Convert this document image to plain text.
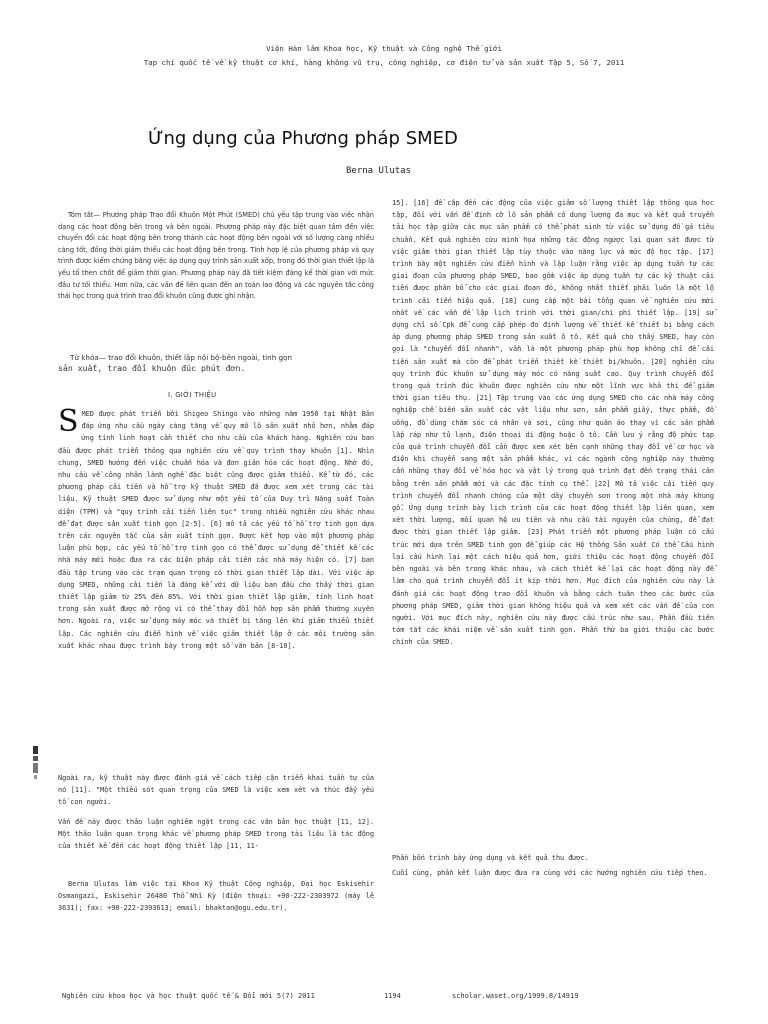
Viện Hàn lâm Khoa học, Kỹ thuật và Công nghệ Thế giới
Tạp chí quốc tế về kỹ thuật cơ khí, hàng không vũ trụ, công nghiệp, cơ điện tử và sản xuất Tập 5, Số 7, 2011
Ứng dụng của Phương pháp SMED
Berna Ulutas
Tóm tắt— Phương pháp Trao đổi Khuôn Một Phút (SMED) chủ yếu tập trung vào việc nhận dạng các hoạt động bên trong và bên ngoài. Phương pháp này đặc biệt quan tâm đến việc chuyển đổi các hoạt động bên trong thành các hoạt động bên ngoài với số lượng càng nhiều càng tốt, đồng thời giảm thiểu các hoạt động bên trong. Tính hợp lệ của phương pháp và quy trình được kiểm chứng bằng việc áp dụng quy trình sản xuất xốp, trong đó thời gian thiết lập là yếu tố then chốt để giảm thời gian. Phương pháp này đã tiết kiệm đáng kể thời gian với mức đầu tư tối thiểu. Hơn nữa, các vấn đề liên quan đến an toàn lao động và các nguyên tắc công thái học trong quá trình trao đổi khuôn cũng được ghi nhận.
Từ khóa— trao đổi khuôn, thiết lập nội bộ-bên ngoài, tinh gọn
sản xuất, trao đổi khuôn đúc phút đơn.
I. GIỚI THIỆU
SMED được phát triển bởi Shigeo Shingo vào những năm 1950 tại Nhật Bản đáp ứng nhu cầu ngày càng tăng về quy mô lô sản xuất nhỏ hơn, nhằm đáp ứng tính linh hoạt cần thiết cho nhu cầu của khách hàng. Nghiên cứu ban đầu được phát triển thông qua nghiên cứu về quy trình thay khuôn [1]. Nhìn chung, SMED hướng đến việc chuẩn hóa và đơn giản hóa các hoạt động. Nhờ đó, nhu cầu về công nhân lành nghề đặc biệt cũng được giảm thiểu. Kể từ đó, các phương pháp cải tiến và hỗ trợ kỹ thuật SMED đã được xem xét trong các tài liệu. Kỹ thuật SMED được sử dụng như một yếu tố của Duy trì Năng suất Toàn diện (TPM) và "quy trình cải tiến liên tục" trong nhiều nghiên cứu khác nhau để đạt được sản xuất tinh gọn [2-5]. [6] mô tả các yếu tố hỗ trợ tinh gọn dựa trên các nguyên tắc của sản xuất tinh gọn. Được kết hợp vào một phương pháp luận phù hợp, các yếu tố hỗ trợ tinh gọn có thể được sử dụng để thiết kế các nhà máy mới hoặc đưa ra các biện pháp cải tiến các nhà máy hiện có. [7] ban đầu tập trung vào các trạm quan trọng có thời gian thiết lập dài. Với việc áp dụng SMED, những cải tiến là đáng kể với dữ liệu ban đầu cho thấy thời gian thiết lập giảm từ 25% đến 85%. Với thời gian thiết lập giảm, tính linh hoạt trong sản xuất được mở rộng vì có thể thay đổi hỗn hợp sản phẩm thường xuyên hơn. Ngoài ra, việc sử dụng máy móc và thiết bị tăng lên khi giảm thiểu thiết lập. Các nghiên cứu điển hình về việc giảm thiết lập ở các môi trường sản xuất khác nhau được trình bày trong một số văn bản [8-10].
Ngoài ra, kỹ thuật này được đánh giá về cách tiếp cận triển khai tuần tự của nó [11]. "Một thiếu sót quan trọng của SMED là việc xem xét và thúc đẩy yếu tố con người.
Vấn đề này được thảo luận nghiêm ngặt trong các văn bản học thuật [11, 12]. Một thảo luận quan trọng khác về phương pháp SMED trong tài liệu là tác động của thiết kế đến các hoạt động thiết lập [11, 11-
Berna Ulutas làm việc tại Khoa Kỹ thuật Công nghiệp, Đại học Eskisehir Osmangazi, Eskisehir 26480 Thổ Nhĩ Kỳ (điện thoại: +90-222-2303972 (máy lẻ 3631); fax: +90-222-2393613; email: bhaktan@ogu.edu.tr).
15]. [16] đề cập đến các động của việc giảm số lượng thiết lập thông qua học tập, đối với vấn đề định cỡ lô sản phẩm có dung lượng đa mục và kết quả truyền tải học tập giữa các mục sản phẩm có thể phát sinh từ việc sử dụng đồ gá tiêu chuẩn. Kết quả nghiên cứu minh họa những tác động ngược lại quan sát được từ việc giảm thời gian thiết lập tùy thuộc vào năng lực và mức độ học tập. [17] trình bày một nghiên cứu điển hình và lập luận rằng việc áp dụng tuần tự các giai đoạn của phương pháp SMED, bao gồm việc áp dụng tuần tự các kỹ thuật cải tiến được phân bổ cho các giai đoạn đó, không nhất thiết phải luôn là một lộ trình cải tiến hiệu quả. [18] cung cấp một bài tổng quan về nghiên cứu mới nhất về các vấn đề lập lịch trình với thời gian/chi phí thiết lập. [19] sử dụng chỉ số Cpk để cung cấp phép đo định lượng về thiết kế thiết bị bằng cách áp dụng phương pháp SMED trong sản xuất ô tô. Kết quả cho thấy SMED, hay còn gọi là "chuyển đổi nhanh", vẫn là một phương pháp phù hợp không chỉ để cải tiến sản xuất mà còn để phát triển thiết kế thiết bị/khuôn. [20] nghiên cứu quy trình đúc khuôn sử dụng máy móc có năng suất cao. Quy trình chuyển đổi trong quá trình đúc khuôn được nghiên cứu như một lĩnh vực khả thi để giảm thời gian tiêu thụ. [21] Tập trung vào các ứng dụng SMED cho các nhà máy công nghiệp chế biến sản xuất các vật liệu như sơn, sản phẩm giấy, thực phẩm, đồ uống, đồ dùng chăm sóc cá nhân và sợi, cũng như quản áo thay vì các sản phẩm lắp ráp như tủ lạnh, điện thoại di động hoặc ô tô. Cần lưu ý rằng độ phức tạp của quá trình chuyển đổi cần được xem xét bên cạnh những thay đổi về cơ học và điện khi chuyển sang một sản phẩm khác, vì các ngành công nghiệp này thường cần những thay đổi về hóa học và vật lý trong quá trình đạt đến trạng thái cân bằng trên sản phẩm mới và các đặc tính cụ thể. [22] Mô tả việc cải tiến quy trình chuyển đổi nhanh chóng của một dây chuyền sơn trong một nhà máy khung gỗ. Ứng dụng trình bày lịch trình của các hoạt động thiết lập liên quan, xem xét thời lượng, mối quan hệ ưu tiên và nhu cầu tài nguyên của chúng, để đạt được thời gian thiết lập giảm. [23] Phát triển một phương pháp luận có cấu trúc mới dựa trên SMED tinh gọn để giúp các Hệ thống Sản xuất Có thể Cấu hình lại cấu hình lại một cách hiệu quả hơn, giới thiệu các hoạt động chuyển đổi bên ngoài và bên trong khác nhau, và cách thiết kế lại các hoạt động này để làm cho quá trình chuyển đổi ít kịp thời hơn. Mục đích của nghiên cứu này là đánh giá các hoạt động trao đổi khuôn và bằng cách tuân theo các bước của phương pháp SMED, giảm thời gian không hiệu quả và xem xét các vấn đề của con người. Với mục đích này, nghiên cứu này được cấu trúc như sau. Phần đầu tiên tóm tắt các khái niệm về sản xuất tinh gọn. Phần thứ ba giới thiệu các bước chính của SMED.
Phần bốn trình bày ứng dụng và kết quả thu được.
Cuối cùng, phần kết luận được đưa ra cùng với các hướng nghiên cứu tiếp theo.
Nghiên cứu khoa học và học thuật quốc tế & Đổi mới 5(7) 2011	1194	scholar.waset.org/1999.8/14919
